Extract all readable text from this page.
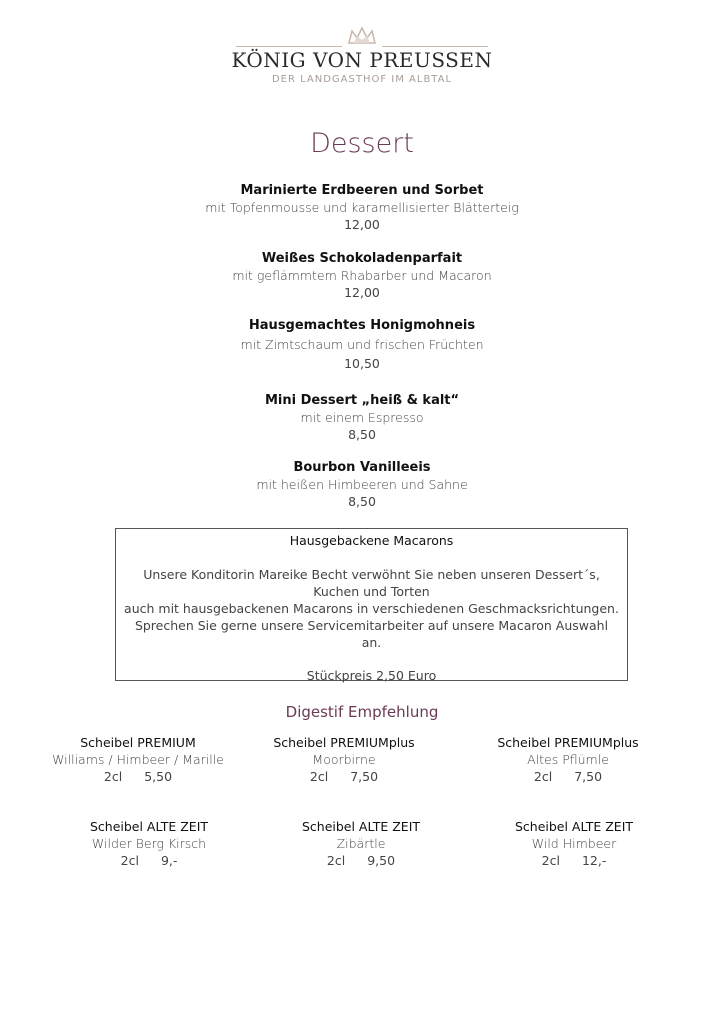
KÖNIG VON PREUSSEN
DER LANDGASTHOF IM ALBTAL
Dessert
Marinierte Erdbeeren und Sorbet
mit Topfenmousse und karamellisierter Blätterteig
12,00
Weißes Schokoladenparfait
mit geflämmtem Rhabarber und Macaron
12,00
Hausgemachtes Honigmohneis
mit Zimtschaum und frischen Früchten
10,50
Mini Dessert „heiß & kalt“
mit einem Espresso
8,50
Bourbon Vanilleeis
mit heißen Himbeeren und Sahne
8,50
Hausgebackene Macarons
Unsere Konditorin Mareike Becht verwöhnt Sie neben unseren Dessert´s, Kuchen und Torten
auch mit hausgebackenen Macarons in verschiedenen Geschmacksrichtungen.
Sprechen Sie gerne unsere Servicemitarbeiter auf unsere Macaron Auswahl an.
Stückpreis 2,50 Euro
Digestif Empfehlung
Scheibel PREMIUM
Williams / Himbeer / Marille
2cl 5,50
Scheibel PREMIUMplus
Moorbirne
2cl 7,50
Scheibel PREMIUMplus
Altes Pflümle
2cl 7,50
Scheibel ALTE ZEIT
Wilder Berg Kirsch
2cl 9,-
Scheibel ALTE ZEIT
Zibärtle
2cl 9,50
Scheibel ALTE ZEIT
Wild Himbeer
2cl 12,-
